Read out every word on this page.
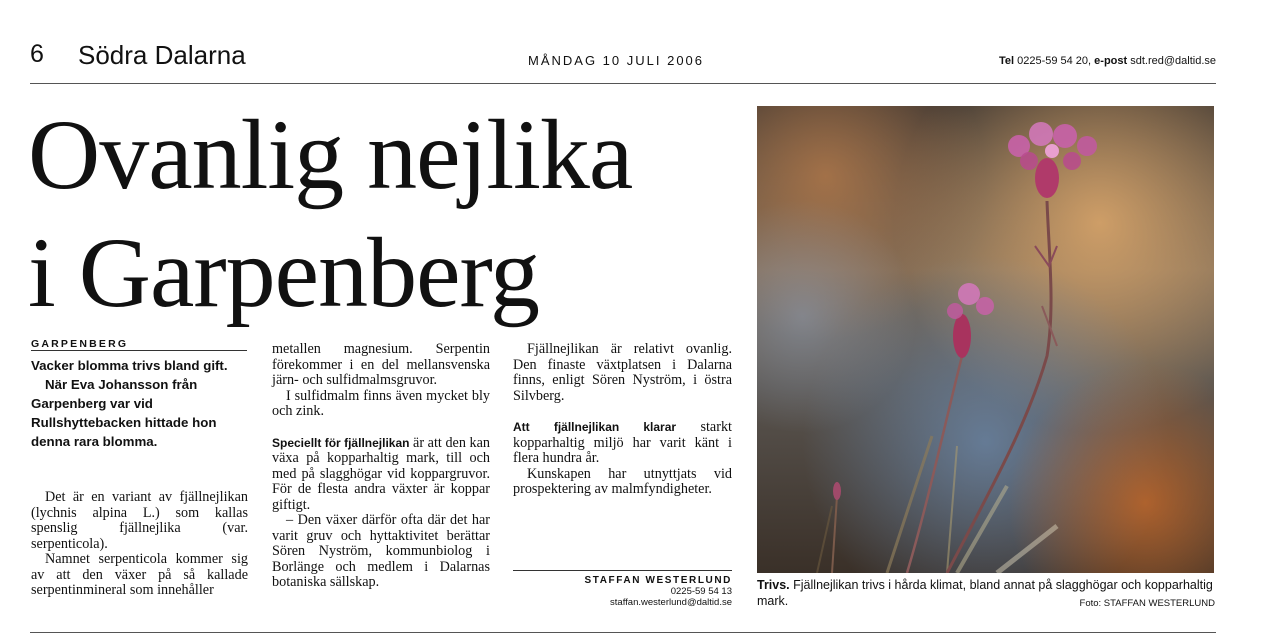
6 Södra Dalarna	MÅNDAG 10 JULI 2006	Tel 0225-59 54 20, e-post sdt.red@daltid.se
Ovanlig nejlika
i Garpenberg
GARPENBERG
Vacker blomma trivs bland gift.
När Eva Johansson från Garpenberg var vid Rullshyttebacken hittade hon denna rara blomma.

Det är en variant av fjällnejlikan (lychnis alpina L.) som kallas spenslig fjällnejlika (var. serpenticola).

Namnet serpenticola kommer sig av att den växer på så kallade serpentinmineral som innehåller

metallen magnesium. Serpentin förekommer i en del mellansvenska järn- och sulfidmalmsgruvor.

I sulfidmalm finns även mycket bly och zink.

Speciellt för fjällnejlikan är att den kan växa på kopparhaltig mark, till och med på slagghögar vid koppargruvor. För de flesta andra växter är koppar giftigt.

– Den växer därför ofta där det har varit gruv och hyttaktivitet berättar Sören Nyström, kommunbiolog i Borlänge och medlem i Dalarnas botaniska sällskap.

Fjällnejlikan är relativt ovanlig. Den finaste växtplatsen i Dalarna finns, enligt Sören Nyström, i östra Silvberg.

Att fjällnejlikan klarar starkt kopparhaltig miljö har varit känt i flera hundra år.

Kunskapen har utnyttjats vid prospektering av malmfyndigheter.

STAFFAN WESTERLUND
0225-59 54 13
staffan.westerlund@daltid.se
Trivs. Fjällnejlikan trivs i hårda klimat, bland annat på slagghögar och kopparhaltig mark.	Foto: STAFFAN WESTERLUND
